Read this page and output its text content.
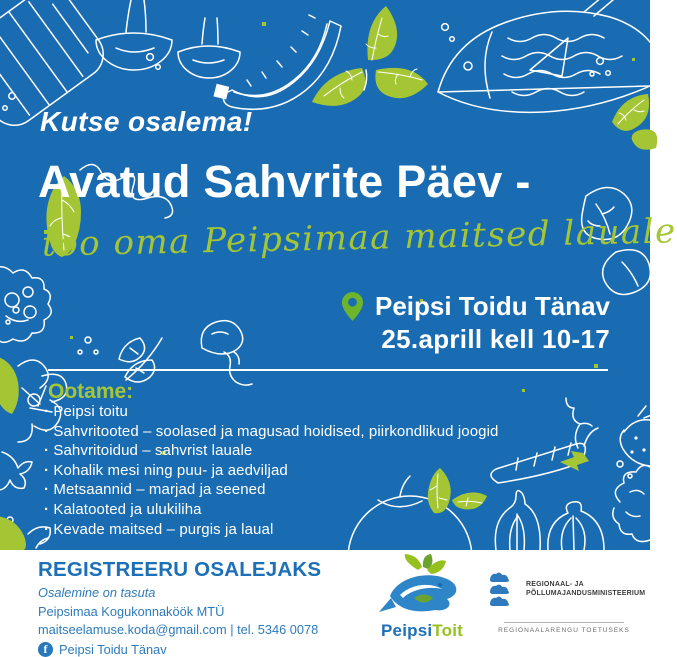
Kutse osalema!
Avatud Sahvrite Päev -
too oma Peipsimaa maitsed lauale
Peipsi Toidu Tänav
25.aprill kell 10-17
Ootame:
· Peipsi toitu
· Sahvritooted – soolased ja magusad hoidised, piirkondlikud joogid
· Sahvritoidud – sahvrist lauale
· Kohalik mesi ning puu- ja aedviljad
· Metsaannid – marjad ja seened
· Kalatooted ja ulukiliha
· Kevade maitsed – purgis ja laual
REGISTREERU OSALEJAKS
Osalemine on tasuta
Peipsimaa Kogukonnaköök MTÜ
maitseelamuse.koda@gmail.com | tel. 5346 0078
f Peipsi Toidu Tänav
PeipsiToit
REGIONAAL- JA
PÕLLUMAJANDUSMINISTEERIUM
REGIONAALARENGU TOETUSEKS
